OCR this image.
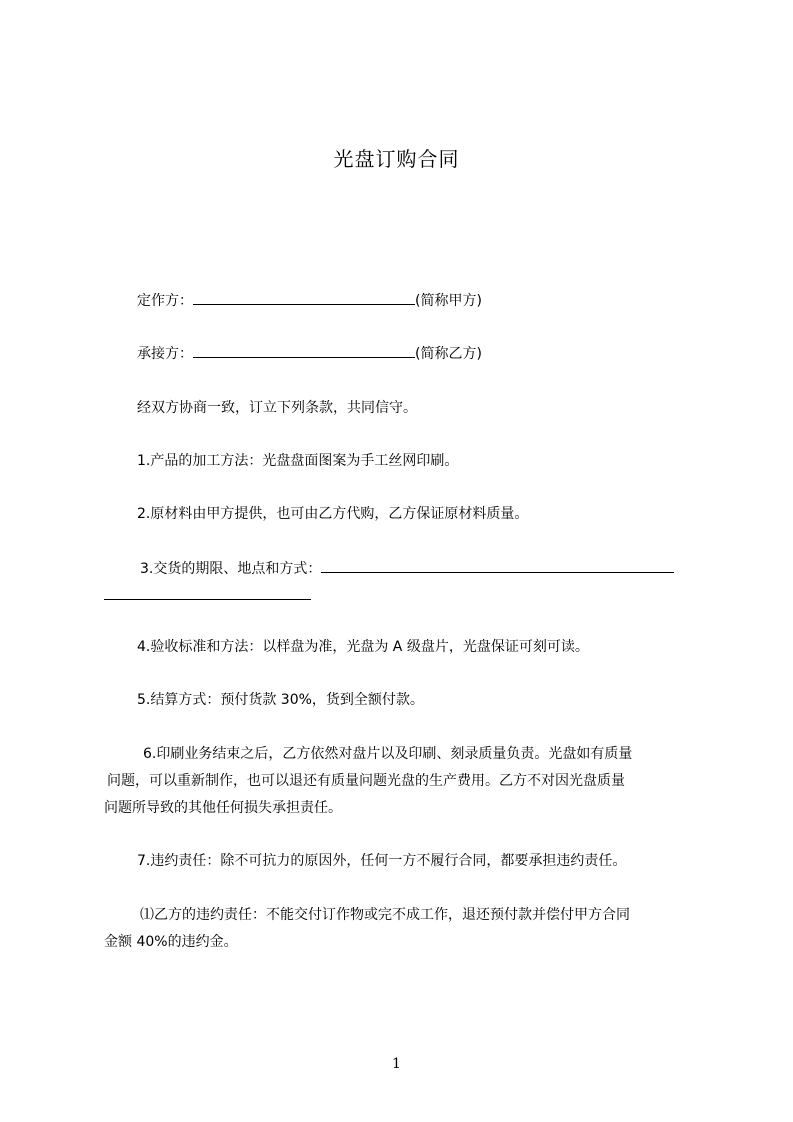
光盘订购合同
定作方：	(简称甲方)
承接方：	(简称乙方)
经双方协商一致，订立下列条款，共同信守。
1.产品的加工方法：光盘盘面图案为手工丝网印刷。
2.原材料由甲方提供，也可由乙方代购，乙方保证原材料质量。
3.交货的期限、地点和方式：
4.验收标准和方法：以样盘为准，光盘为 A 级盘片，光盘保证可刻可读。
5.结算方式：预付货款 30%，货到全额付款。
6.印刷业务结束之后，乙方依然对盘片以及印刷、刻录质量负责。光盘如有质量
问题，可以重新制作，也可以退还有质量问题光盘的生产费用。乙方不对因光盘质量
问题所导致的其他任何损失承担责任。
7.违约责任：除不可抗力的原因外，任何一方不履行合同，都要承担违约责任。
⑴乙方的违约责任：不能交付订作物或完不成工作，退还预付款并偿付甲方合同
金额 40%的违约金。
1
